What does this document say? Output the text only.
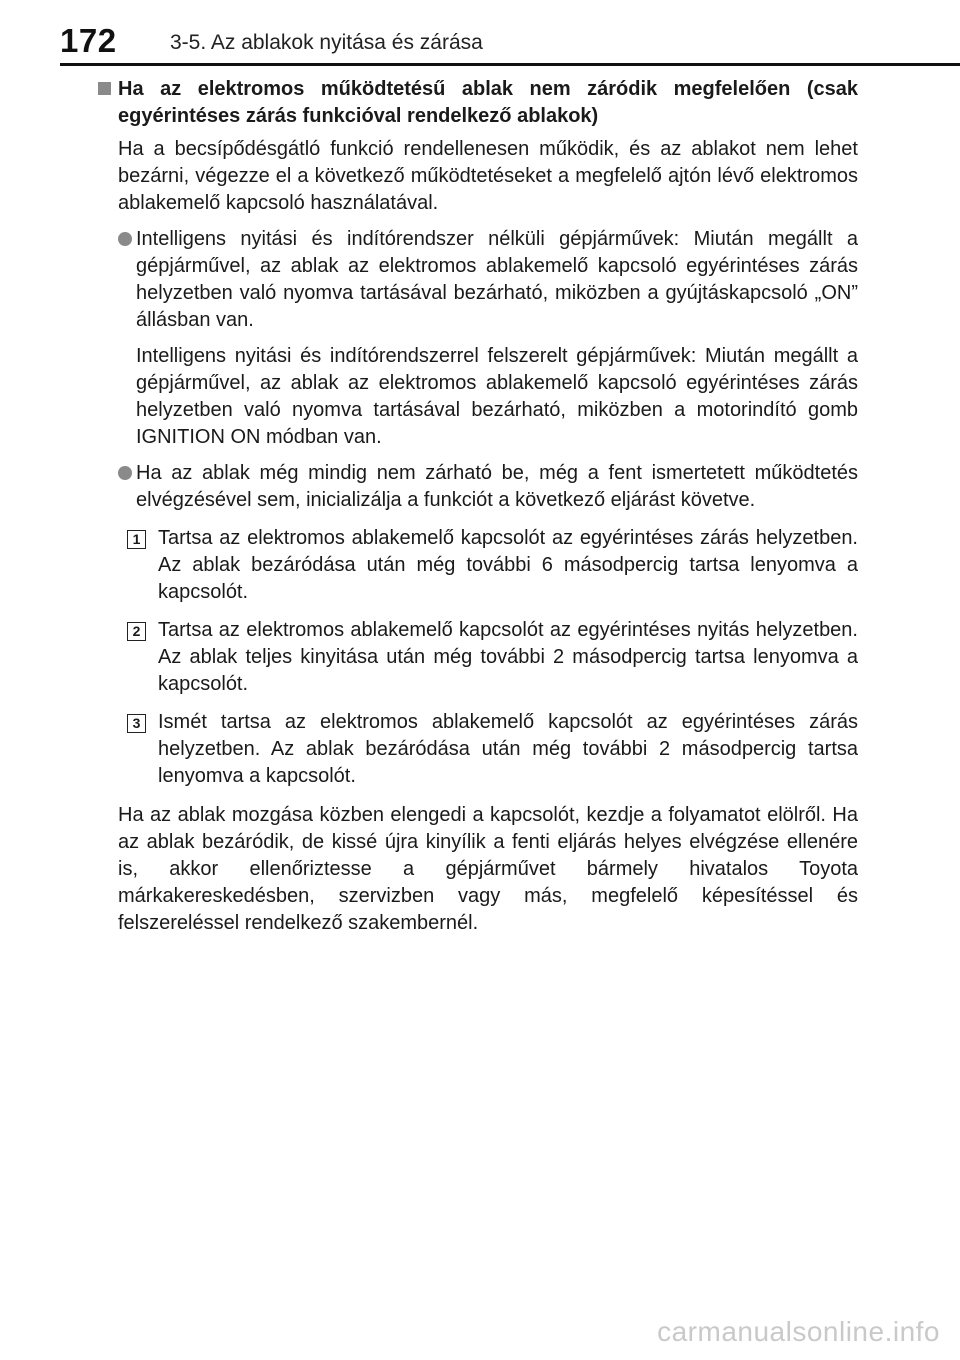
172	3-5. Az ablakok nyitása és zárása

Ha az elektromos működtetésű ablak nem záródik megfelelően (csak egyérintéses zárás funkcióval rendelkező ablakok)

Ha a becsípődésgátló funkció rendellenesen működik, és az ablakot nem lehet bezárni, végezze el a következő működtetéseket a megfelelő ajtón lévő elektromos ablakemelő kapcsoló használatával.

Intelligens nyitási és indítórendszer nélküli gépjárművek: Miután megállt a gépjárművel, az ablak az elektromos ablakemelő kapcsoló egyérintéses zárás helyzetben való nyomva tartásával bezárható, miközben a gyújtáskapcsoló „ON” állásban van.

Intelligens nyitási és indítórendszerrel felszerelt gépjárművek: Miután megállt a gépjárművel, az ablak az elektromos ablakemelő kapcsoló egyérintéses zárás helyzetben való nyomva tartásával bezárható, miközben a motorindító gomb IGNITION ON módban van.

Ha az ablak még mindig nem zárható be, még a fent ismertetett működtetés elvégzésével sem, inicializálja a funkciót a következő eljárást követve.

1 Tartsa az elektromos ablakemelő kapcsolót az egyérintéses zárás helyzetben. Az ablak bezáródása után még további 6 másodpercig tartsa lenyomva a kapcsolót.

2 Tartsa az elektromos ablakemelő kapcsolót az egyérintéses nyitás helyzetben. Az ablak teljes kinyitása után még további 2 másodpercig tartsa lenyomva a kapcsolót.

3 Ismét tartsa az elektromos ablakemelő kapcsolót az egyérintéses zárás helyzetben. Az ablak bezáródása után még további 2 másodpercig tartsa lenyomva a kapcsolót.

Ha az ablak mozgása közben elengedi a kapcsolót, kezdje a folyamatot elölről. Ha az ablak bezáródik, de kissé újra kinyílik a fenti eljárás helyes elvégzése ellenére is, akkor ellenőriztesse a gépjárművet bármely hivatalos Toyota márkakereskedésben, szervizben vagy más, megfelelő képesítéssel és felszereléssel rendelkező szakembernél.

carmanualsonline.info
